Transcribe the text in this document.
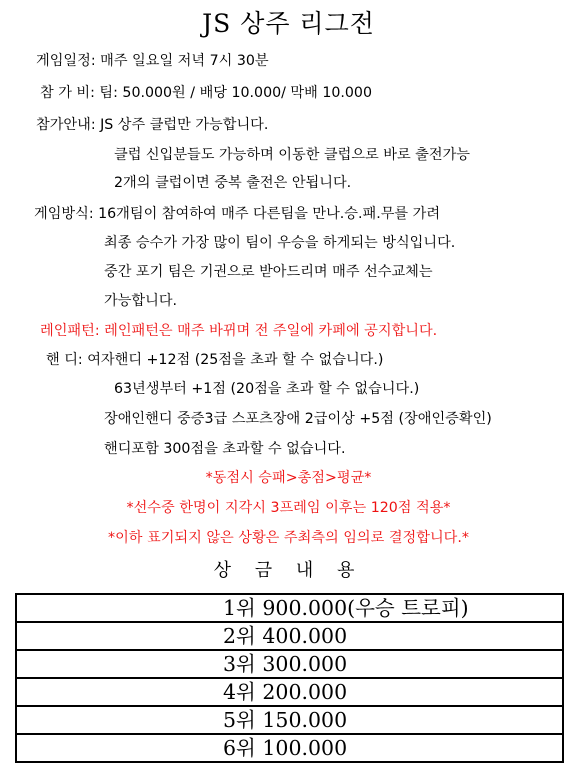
JS 상주 리그전
게임일정: 매주 일요일 저녁 7시 30분
참 가 비: 팀: 50.000원 / 배당 10.000/ 막배 10.000
참가안내: JS 상주 클럽만 가능합니다.
클럽 신입분들도 가능하며 이동한 클럽으로 바로 출전가능
2개의 클럽이면 중복 출전은 안됩니다.
게임방식: 16개팀이 참여하여 매주 다른팀을 만나.승.패.무를 가려
최종 승수가 가장 많이 팀이 우승을 하게되는 방식입니다.
중간 포기 팀은 기권으로 받아드리며 매주 선수교체는
가능합니다.
레인패턴: 레인패턴은 매주 바뀌며 전 주일에 카페에 공지합니다.
핸 디: 여자핸디 +12점 (25점을 초과 할 수 없습니다.)
63년생부터 +1점 (20점을 초과 할 수 없습니다.)
장애인핸디 중증3급 스포츠장애 2급이상 +5점 (장애인증확인)
핸디포함 300점을 초과할 수 없습니다.
*동점시 승패>총점>평균*
*선수중 한명이 지각시 3프레임 이후는 120점 적용*
*이하 표기되지 않은 상황은 주최측의 임의로 결정합니다.*
상 금 내 용
1위 900.000(우승 트로피)
2위 400.000
3위 300.000
4위 200.000
5위 150.000
6위 100.000
